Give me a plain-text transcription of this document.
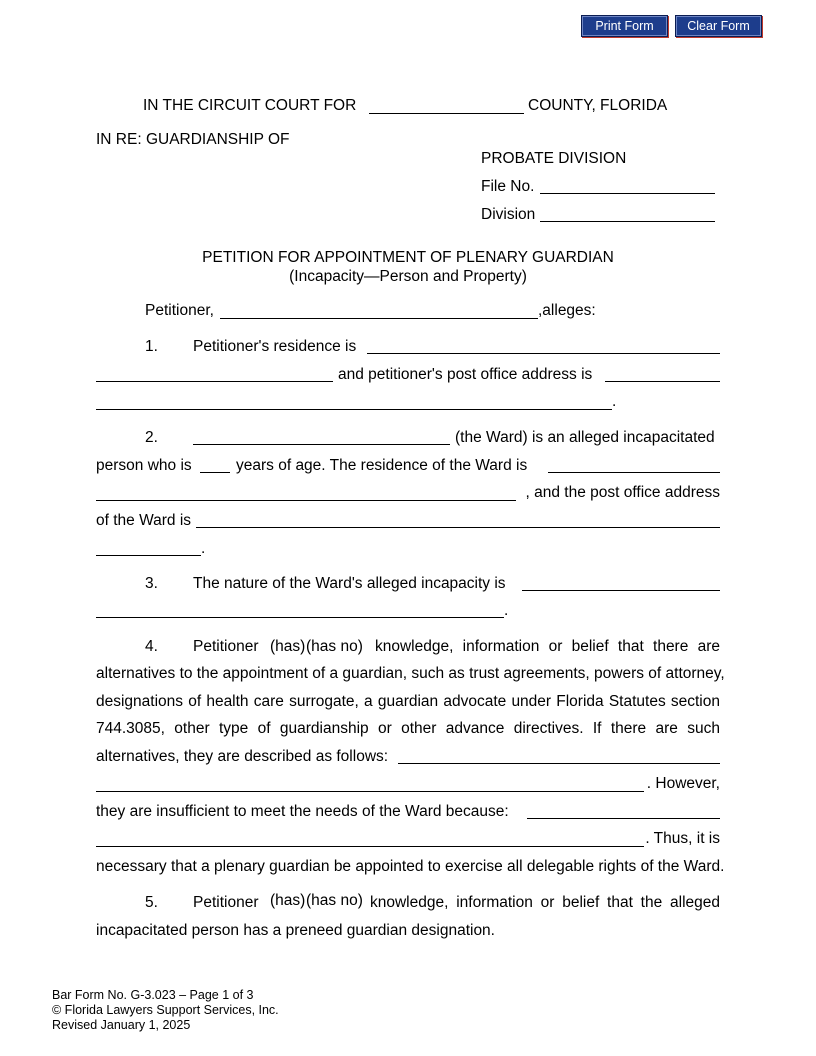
Print Form	Clear Form
IN THE CIRCUIT COURT FOR	COUNTY, FLORIDA
IN RE: GUARDIANSHIP OF
PROBATE DIVISION
File No.
Division
PETITION FOR APPOINTMENT OF PLENARY GUARDIAN
(Incapacity—Person and Property)
Petitioner,	,alleges:
1. Petitioner's residence is
and petitioner's post office address is
.
2.	(the Ward) is an alleged incapacitated
person who is	years of age. The residence of the Ward is
, and the post office address
of the Ward is
.
3. The nature of the Ward's alleged incapacity is
.
4. Petitioner (has) (has no) knowledge, information or belief that there are
alternatives to the appointment of a guardian, such as trust agreements, powers of attorney,
designations of health care surrogate, a guardian advocate under Florida Statutes section
744.3085, other type of guardianship or other advance directives. If there are such
alternatives, they are described as follows:
. However,
they are insufficient to meet the needs of the Ward because:
. Thus, it is
necessary that a plenary guardian be appointed to exercise all delegable rights of the Ward.
5. Petitioner (has) (has no) knowledge, information or belief that the alleged
incapacitated person has a preneed guardian designation.
Bar Form No. G-3.023 – Page 1 of 3
© Florida Lawyers Support Services, Inc.
Revised January 1, 2025
